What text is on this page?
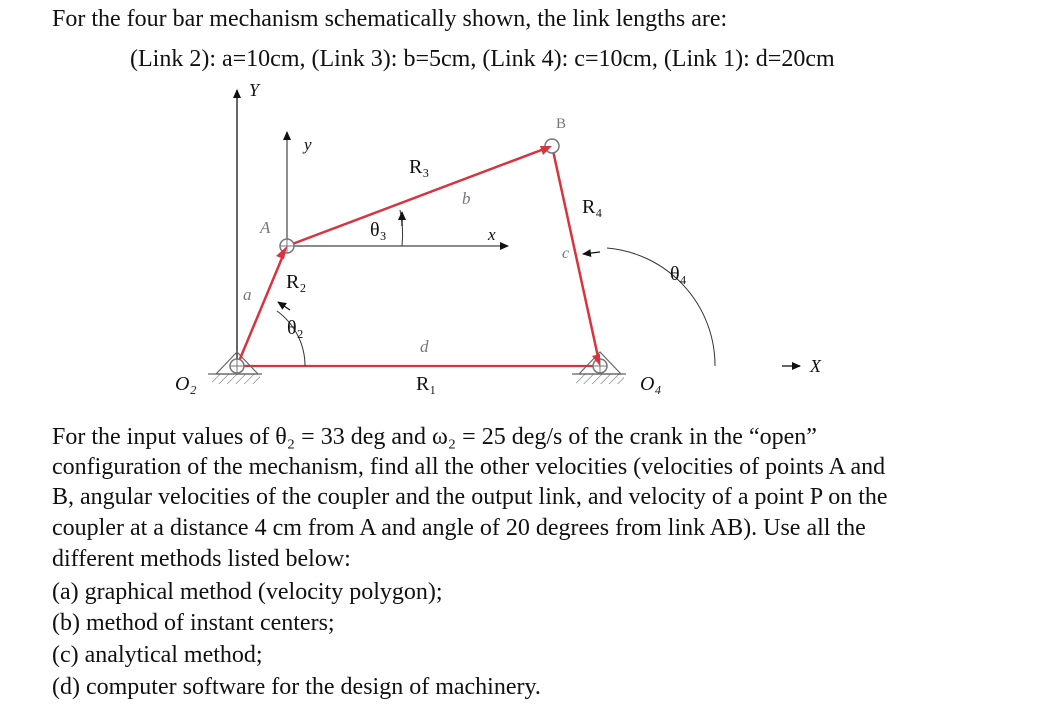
For the four bar mechanism schematically shown, the link lengths are:
(Link 2): a=10cm, (Link 3): b=5cm, (Link 4): c=10cm, (Link 1): d=20cm
For the input values of θ₂ = 33 deg and ω₂ = 25 deg/s of the crank in the “open”
configuration of the mechanism, find all the other velocities (velocities of points A and
B, angular velocities of the coupler and the output link, and velocity of a point P on the
coupler at a distance 4 cm from A and angle of 20 degrees from link AB). Use all the
different methods listed below:
(a) graphical method (velocity polygon);
(b) method of instant centers;
(c) analytical method;
(d) computer software for the design of machinery.
Y
y
x
X
A
B
a
b
c
d
R₁
R₂
R₃
R₄
θ₂
θ₃
θ₄
O₂	O₄
